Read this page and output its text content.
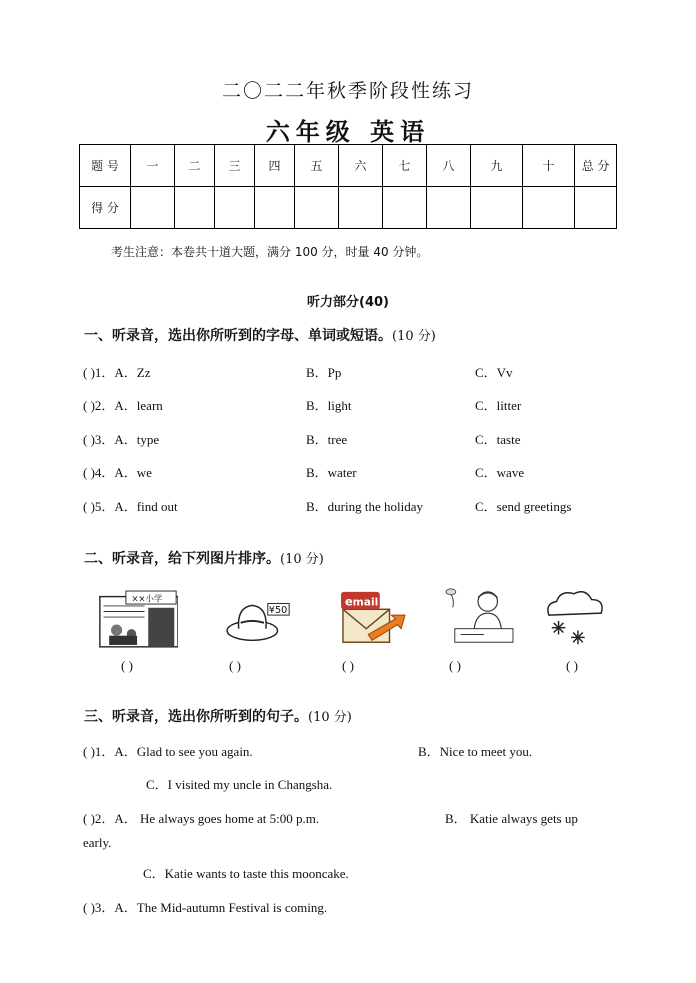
二〇二二年秋季阶段性练习
六年级 英语
题 号	一	二	三	四	五	六	七	八	九	十	总 分
得 分											
考生注意：本卷共十道大题，满分 100 分，时量 40 分钟。
听力部分(40)
一、听录音，选出你所听到的字母、单词或短语。(10 分)
( )1．A．Zz	B．Pp	C．Vv
( )2．A．learn	B．light	C．litter
( )3．A．type	B．tree	C．taste
( )4．A．we	B．water	C．wave
( )5．A．find out	B．during the holiday	C．send greetings
二、听录音，给下列图片排序。(10 分)
××小学
¥50
e mail
( )	( )	( )	( )	( )
三、听录音，选出你所听到的句子。(10 分)
( )1．A．Glad to see you again.	B．Nice to meet you.
C．I visited my uncle in Changsha.
( )2．A． He always goes home at 5:00 p.m.	B． Katie always gets up
early.
C．Katie wants to taste this mooncake.
( )3．A．The Mid-autumn Festival is coming.
